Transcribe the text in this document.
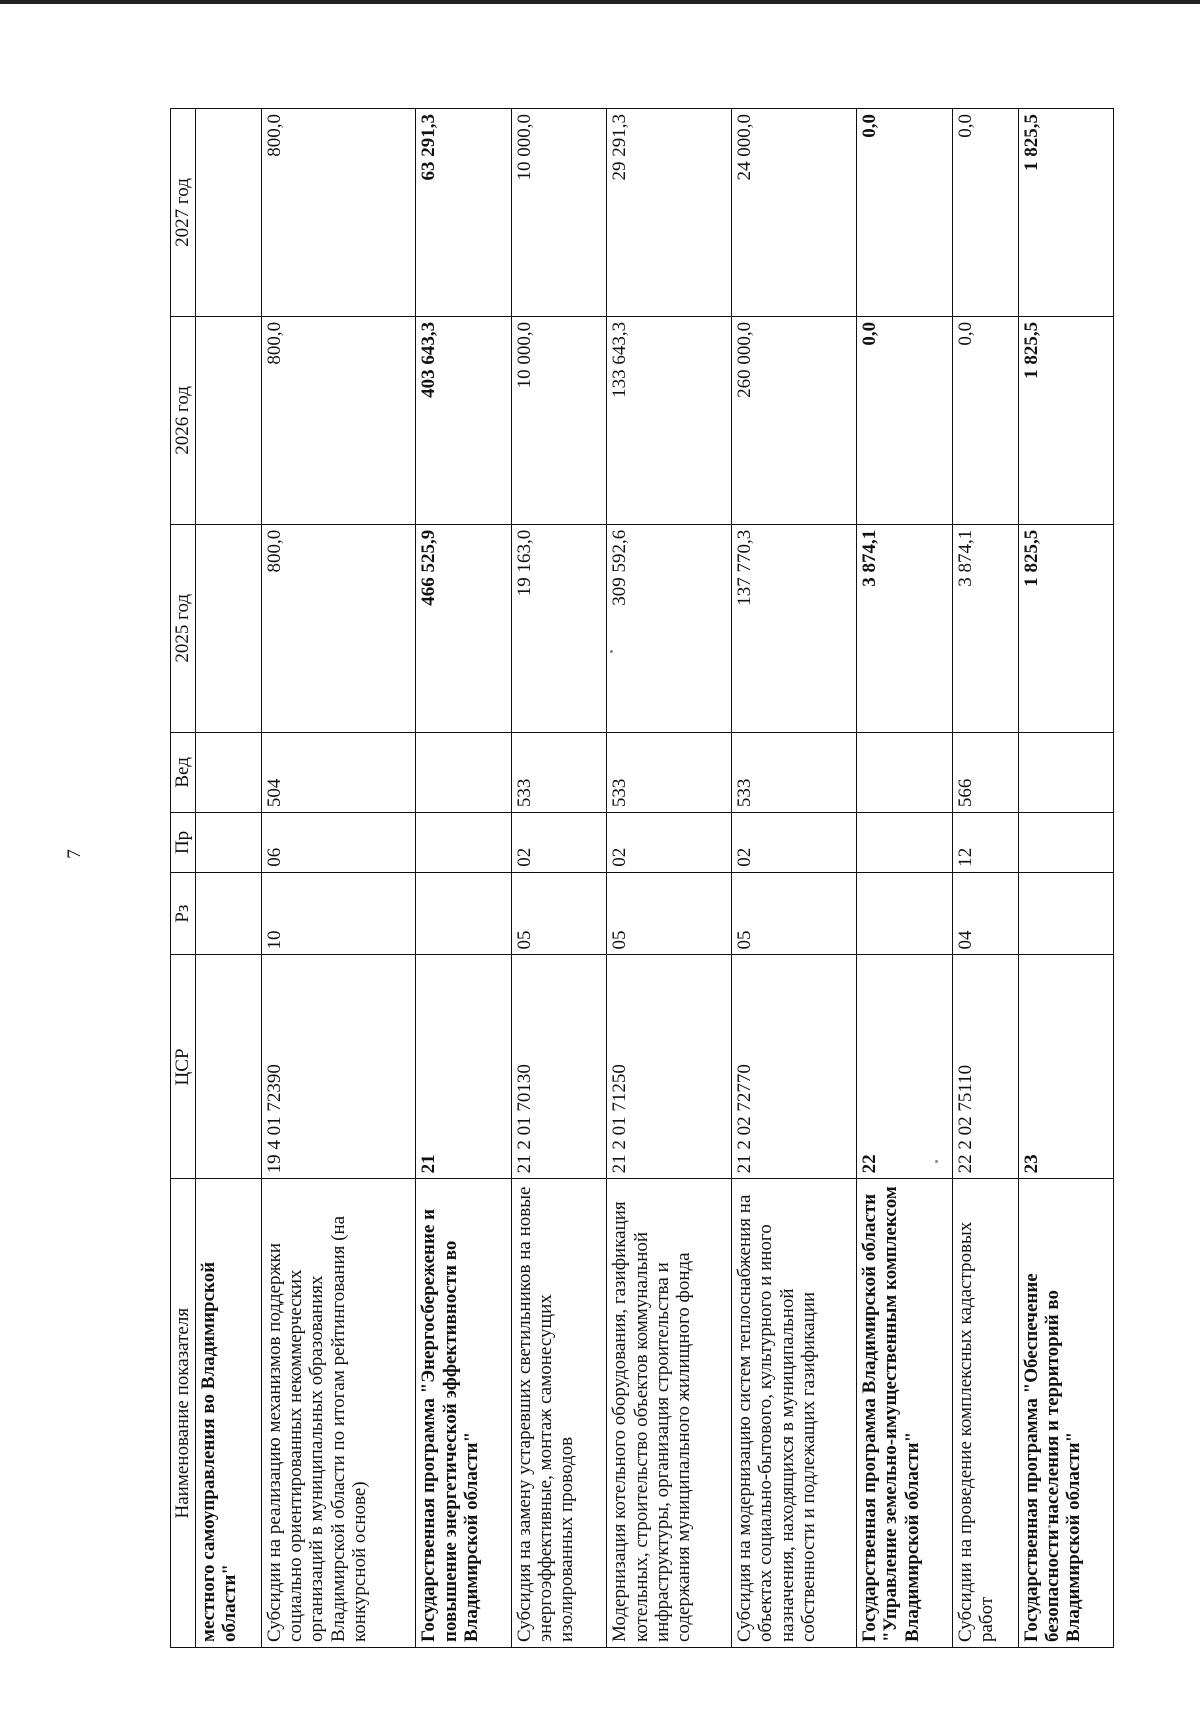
7
Наименование показателя	ЦСР	Рз	Пр	Вед	2025 год	2026 год	2027 год
местного самоуправления во Владимирской области"							
Субсидии на реализацию механизмов поддержки социально ориентированных некоммерческих организаций в муниципальных образованиях Владимирской области по итогам рейтингования (на конкурсной основе)	19 4 01 72390	10	06	504	800,0	800,0	800,0
Государственная программа "Энергосбережение и повышение энергетической эффективности во Владимирской области"	21				466 525,9	403 643,3	63 291,3
Субсидия на замену устаревших светильников на новые энергоэффективные, монтаж самонесущих изолированных проводов	21 2 01 70130	05	02	533	19 163,0	10 000,0	10 000,0
Модернизация котельного оборудования, газификация котельных, строительство объектов коммунальной инфраструктуры, организация строительства и содержания муниципального жилищного фонда	21 2 01 71250	05	02	533	309 592,6	133 643,3	29 291,3
Субсидия на модернизацию систем теплоснабжения на объектах социально-бытового, культурного и иного назначения, находящихся в муниципальной собственности и подлежащих газификации	21 2 02 72770	05	02	533	137 770,3	260 000,0	24 000,0
Государственная программа Владимирской области "Управление земельно-имущественным комплексом Владимирской области"	22				3 874,1	0,0	0,0
Субсидии на проведение комплексных кадастровых работ	22 2 02 75110	04	12	566	3 874,1	0,0	0,0
Государственная программа "Обеспечение безопасности населения и территорий во Владимирской области"	23				1 825,5	1 825,5	1 825,5
